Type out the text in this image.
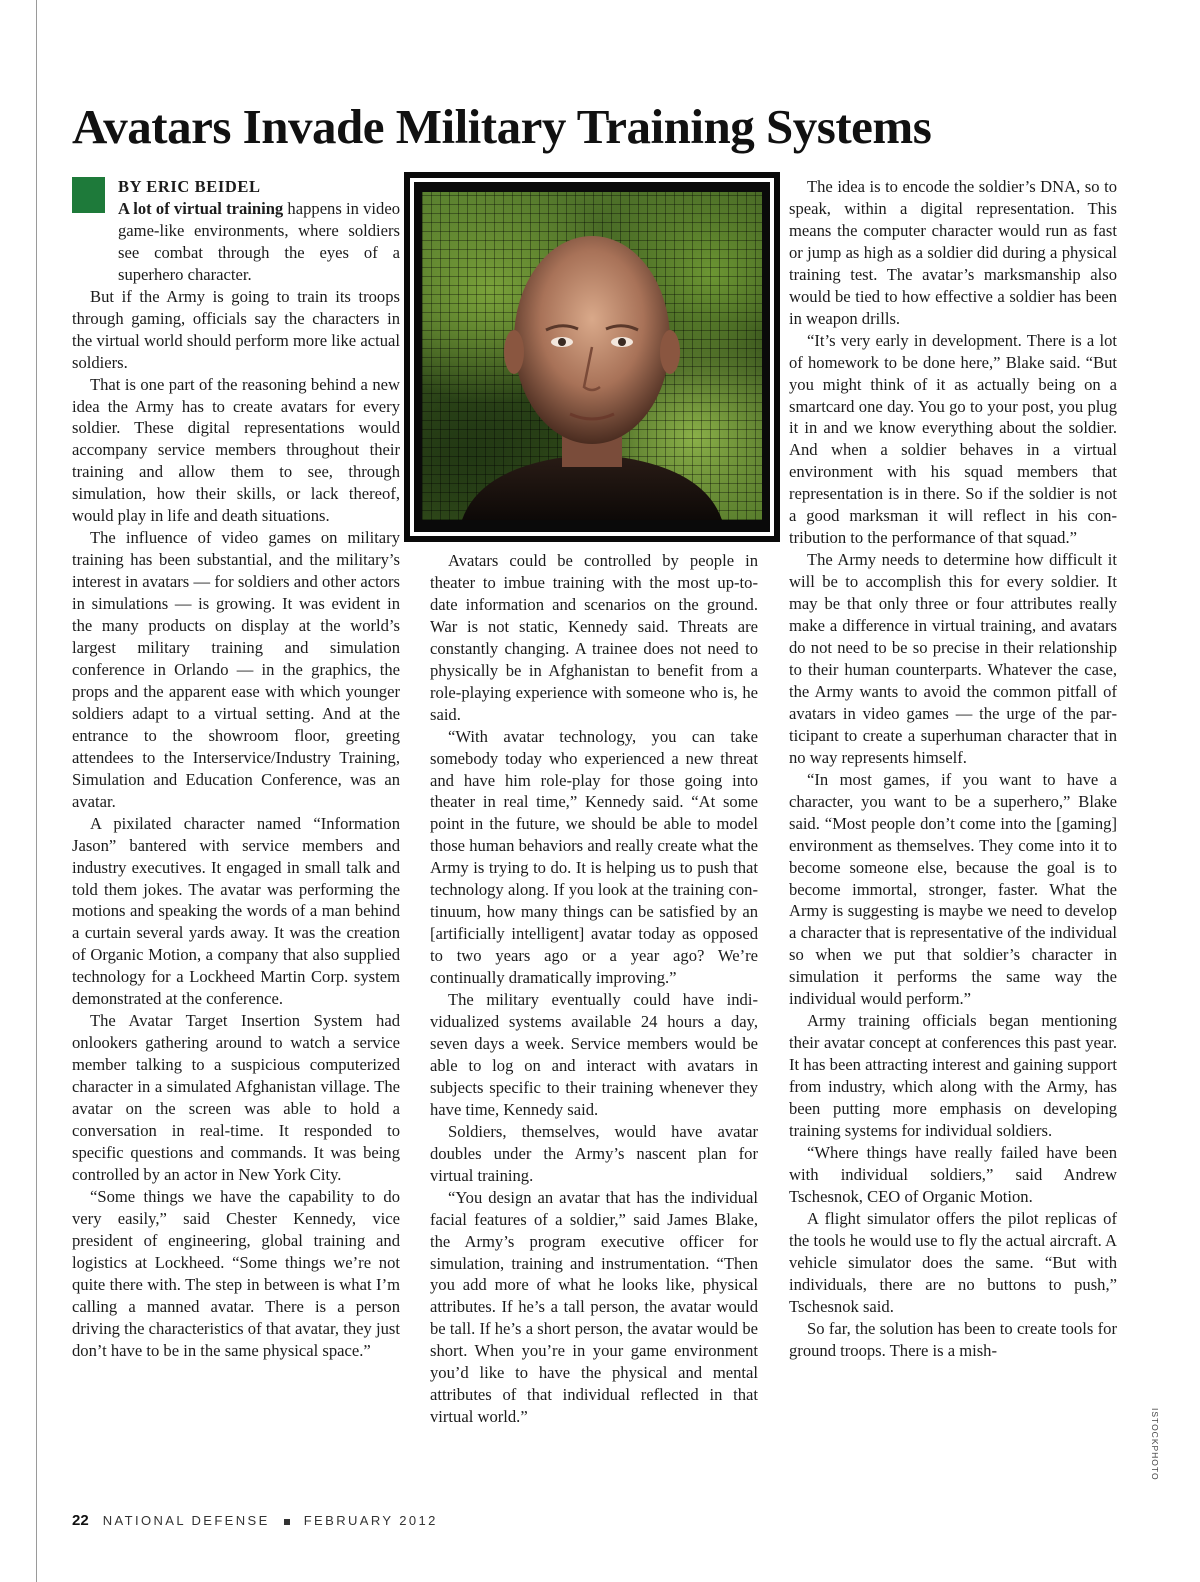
Avatars Invade Military Training Systems
BY ERIC BEIDEL
A lot of virtual training happens in video game-like environments, where soldiers see combat through the eyes of a superhero character.

But if the Army is going to train its troops through gaming, officials say the characters in the virtual world should perform more like actual soldiers.

That is one part of the reasoning behind a new idea the Army has to create avatars for every soldier. These digital representations would accompany service members throughout their training and allow them to see, through simulation, how their skills, or lack thereof, would play in life and death situations.

The influence of video games on military training has been substantial, and the military’s interest in avatars — for soldiers and other actors in simulations — is growing. It was evident in the many products on display at the world’s largest military training and simulation conference in Orlando — in the graphics, the props and the apparent ease with which younger soldiers adapt to a virtual setting. And at the entrance to the showroom floor, greeting attendees to the Interservice/Industry Training, Simulation and Education Conference, was an avatar.

A pixilated character named “Information Jason” bantered with service members and industry executives. It engaged in small talk and told them jokes. The avatar was performing the motions and speaking the words of a man behind a curtain several yards away. It was the creation of Organic Motion, a company that also supplied technology for a Lockheed Martin Corp. system demonstrated at the conference.

The Avatar Target Insertion System had onlookers gathering around to watch a service member talking to a suspicious computerized character in a simulated Afghanistan village. The avatar on the screen was able to hold a conversation in real-time. It responded to specific questions and commands. It was being controlled by an actor in New York City.

“Some things we have the capability to do very easily,” said Chester Kennedy, vice president of engineering, global training and logistics at Lockheed. “Some things we’re not quite there with. The step in between is what I’m calling a manned avatar. There is a person driving the characteristics of that avatar, they just don’t have to be in the same physical space.”

Avatars could be controlled by people in theater to imbue training with the most up-to-date information and scenarios on the ground. War is not static, Kennedy said. Threats are constantly changing. A trainee does not need to physically be in Afghanistan to benefit from a role-playing experience with someone who is, he said.

“With avatar technology, you can take somebody today who experienced a new threat and have him role-play for those going into theater in real time,” Kennedy said. “At some point in the future, we should be able to model those human behaviors and really create what the Army is trying to do. It is helping us to push that technology along. If you look at the training continuum, how many things can be satisfied by an [artificially intelligent] avatar today as opposed to two years ago or a year ago? We’re continually dramatically improving.”

The military eventually could have individualized systems available 24 hours a day, seven days a week. Service members would be able to log on and interact with avatars in subjects specific to their training whenever they have time, Kennedy said.

Soldiers, themselves, would have avatar doubles under the Army’s nascent plan for virtual training.

“You design an avatar that has the individual facial features of a soldier,” said James Blake, the Army’s program executive officer for simulation, training and instrumentation. “Then you add more of what he looks like, physical attributes. If he’s a tall person, the avatar would be tall. If he’s a short person, the avatar would be short. When you’re in your game environment you’d like to have the physical and mental attributes of that individual reflected in that virtual world.”

The idea is to encode the soldier’s DNA, so to speak, within a digital representation. This means the computer character would run as fast or jump as high as a soldier did during a physical training test. The avatar’s marksmanship also would be tied to how effective a soldier has been in weapon drills.

“It’s very early in development. There is a lot of homework to be done here,” Blake said. “But you might think of it as actually being on a smartcard one day. You go to your post, you plug it in and we know everything about the soldier. And when a soldier behaves in a virtual environment with his squad members that representation is in there. So if the soldier is not a good marksman it will reflect in his contribution to the performance of that squad.”

The Army needs to determine how difficult it will be to accomplish this for every soldier. It may be that only three or four attributes really make a difference in virtual training, and avatars do not need to be so precise in their relationship to their human counterparts. Whatever the case, the Army wants to avoid the common pitfall of avatars in video games — the urge of the participant to create a superhuman character that in no way represents himself.

“In most games, if you want to have a character, you want to be a superhero,” Blake said. “Most people don’t come into the [gaming] environment as themselves. They come into it to become someone else, because the goal is to become immortal, stronger, faster. What the Army is suggesting is maybe we need to develop a character that is representative of the individual so when we put that soldier’s character in simulation it performs the same way the individual would perform.”

Army training officials began mentioning their avatar concept at conferences this past year. It has been attracting interest and gaining support from industry, which along with the Army, has been putting more emphasis on developing training systems for individual soldiers.

“Where things have really failed have been with individual soldiers,” said Andrew Tschesnok, CEO of Organic Motion.

A flight simulator offers the pilot replicas of the tools he would use to fly the actual aircraft. A vehicle simulator does the same. “But with individuals, there are no buttons to push,” Tschesnok said.

So far, the solution has been to create tools for ground troops. There is a mish-

ISTOCKPHOTO
22 NATIONAL DEFENSE	FEBRUARY 2012
